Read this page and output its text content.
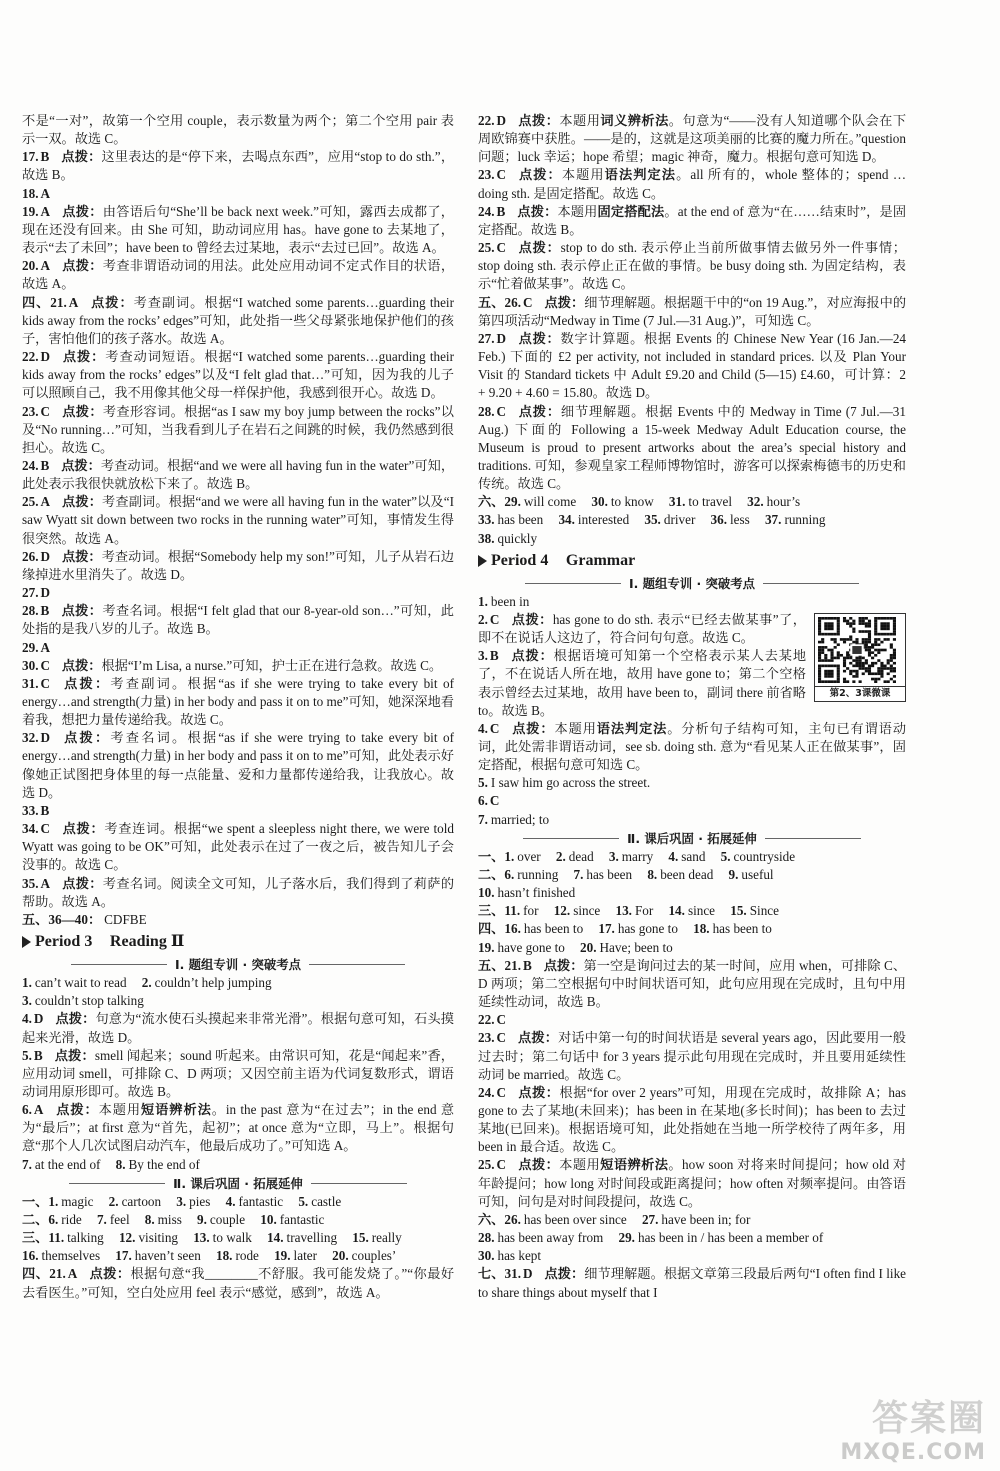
不是“一对”，故第一个空用 couple，表示数量为两个；第二个空用 pair 表示一双。故选 C。
17. B 点拨：这里表达的是“停下来，去喝点东西”，应用“stop to do sth.”，故选 B。
18. A
19. A 点拨：由答语后句“She’ll be back next week.”可知，露西去成都了，现在还没有回来。由 She 可知，助动词应用 has。have gone to 去某地了，表示“去了未回”；have been to 曾经去过某地，表示“去过已回”。故选 A。
20. A 点拨：考查非谓语动词的用法。此处应用动词不定式作目的状语，故选 A。
四、21. A 点拨：考查副词。根据“I watched some parents…guarding their kids away from the rocks’ edges”可知，此处指一些父母紧张地保护他们的孩子，害怕他们的孩子落水。故选 A。
22. D 点拨：考查动词短语。根据“I watched some parents…guarding their kids away from the rocks’ edges”以及“I felt glad that…”可知，因为我的儿子可以照顾自己，我不用像其他父母一样保护他，我感到很开心。故选 D。
23. C 点拨：考查形容词。根据“as I saw my boy jump between the rocks”以及“No running…”可知，当我看到儿子在岩石之间跳的时候，我仍然感到很担心。故选 C。
24. B 点拨：考查动词。根据“and we were all having fun in the water”可知，此处表示我很快就放松下来了。故选 B。
25. A 点拨：考查副词。根据“and we were all having fun in the water”以及“I saw Wyatt sit down between two rocks in the running water”可知，事情发生得很突然。故选 A。
26. D 点拨：考查动词。根据“Somebody help my son!”可知，儿子从岩石边缘掉进水里消失了。故选 D。
27. D
28. B 点拨：考查名词。根据“I felt glad that our 8-year-old son…”可知，此处指的是我八岁的儿子。故选 B。
29. A
30. C 点拨：根据“I’m Lisa, a nurse.”可知，护士正在进行急救。故选 C。
31. C 点拨：考查副词。根据“as if she were trying to take every bit of energy…and strength(力量) in her body and pass it on to me”可知，她深深地看着我，想把力量传递给我。故选 C。
32. D 点拨：考查名词。根据“as if she were trying to take every bit of energy…and strength(力量) in her body and pass it on to me”可知，此处表示好像她正试图把身体里的每一点能量、爱和力量都传递给我，让我放心。故选 D。
33. B
34. C 点拨：考查连词。根据“we spent a sleepless night there, we were told Wyatt was going to be OK”可知，此处表示在过了一夜之后，被告知儿子会没事的。故选 C。
35. A 点拨：考查名词。阅读全文可知，儿子落水后，我们得到了莉萨的帮助。故选 A。
五、36—40： CDFBE
Period 3 Reading Ⅱ
Ⅰ. 题组专训 · 突破考点
1. can’t wait to read 2. couldn’t help jumping
3. couldn’t stop talking
4. D 点拨：句意为“流水使石头摸起来非常光滑”。根据句意可知，石头摸起来光滑，故选 D。
5. B 点拨：smell 闻起来；sound 听起来。由常识可知，花是“闻起来”香，应用动词 smell，可排除 C、D 两项；又因空前主语为代词复数形式，谓语动词用原形即可。故选 B。
6. A 点拨：本题用短语辨析法。in the past 意为“在过去”；in the end 意为“最后”；at first 意为“首先，起初”；at once 意为“立即，马上”。根据句意“那个人几次试图启动汽车，他最后成功了。”可知选 A。
7. at the end of 8. By the end of
Ⅱ. 课后巩固 · 拓展延伸
一、1. magic 2. cartoon 3. pies 4. fantastic 5. castle
二、6. ride 7. feel 8. miss 9. couple 10. fantastic
三、11. talking 12. visiting 13. to walk 14. travelling 15. really
16. themselves 17. haven’t seen 18. rode 19. later 20. couples’
四、21. A 点拨：根据句意“我________不舒服。我可能发烧了。”“你最好去看医生。”可知，空白处应用 feel 表示“感觉，感到”，故选 A。
22. D 点拨：本题用词义辨析法。句意为“——没有人知道哪个队会在下周欧锦赛中获胜。——是的，这就是这项美丽的比赛的魔力所在。”question 问题；luck 幸运；hope 希望；magic 神奇，魔力。根据句意可知选 D。
23. C 点拨：本题用语法判定法。all 所有的，whole 整体的；spend … doing sth. 是固定搭配。故选 C。
24. B 点拨：本题用固定搭配法。at the end of 意为“在……结束时”，是固定搭配。故选 B。
25. C 点拨：stop to do sth. 表示停止当前所做事情去做另外一件事情；stop doing sth. 表示停止正在做的事情。be busy doing sth. 为固定结构，表示“忙着做某事”。故选 C。
五、26. C 点拨：细节理解题。根据题干中的“on 19 Aug.”，对应海报中的第四项活动“Medway in Time (7 Jul.—31 Aug.)”，可知选 C。
27. D 点拨：数字计算题。根据 Events 的 Chinese New Year (16 Jan.—24 Feb.) 下面的 £2 per activity, not included in standard prices. 以及 Plan Your Visit 的 Standard tickets 中 Adult £9.20 and Child (5—15) £4.60，可计算：2 + 9.20 + 4.60 = 15.80。故选 D。
28. C 点拨：细节理解题。根据 Events 中的 Medway in Time (7 Jul.—31 Aug.) 下面的 Following a 15-week Medway Adult Education course, the Museum is proud to present artworks about the area’s special history and traditions. 可知，参观皇家工程师博物馆时，游客可以探索梅德韦的历史和传统。故选 C。
六、29. will come 30. to know 31. to travel 32. hour’s
33. has been 34. interested 35. driver 36. less 37. running
38. quickly
Period 4 Grammar
Ⅰ. 题组专训 · 突破考点
1. been in
第2、3课微课
2. C 点拨：has gone to do sth. 表示“已经去做某事”了，即不在说话人这边了，符合问句句意。故选 C。
3. B 点拨：根据语境可知第一个空格表示某人去某地了，不在说话人所在地，故用 have gone to；第二个空格表示曾经去过某地，故用 have been to，副词 there 前省略 to。故选 B。
4. C 点拨：本题用语法判定法。分析句子结构可知，主句已有谓语动词，此处需非谓语动词，see sb. doing sth. 意为“看见某人正在做某事”，固定搭配，根据句意可知选 C。
5. I saw him go across the street.
6. C
7. married; to
Ⅱ. 课后巩固 · 拓展延伸
一、1. over 2. dead 3. marry 4. sand 5. countryside
二、6. running 7. has been 8. been dead 9. useful
10. hasn’t finished
三、11. for 12. since 13. For 14. since 15. Since
四、16. has been to 17. has gone to 18. has been to
19. have gone to 20. Have; been to
五、21. B 点拨：第一空是询问过去的某一时间，应用 when，可排除 C、D 两项；第二空根据句中时间状语可知，此句应用现在完成时，且句中用延续性动词，故选 B。
22. C
23. C 点拨：对话中第一句的时间状语是 several years ago，因此要用一般过去时；第二句话中 for 3 years 提示此句用现在完成时，并且要用延续性动词 be married。故选 C。
24. C 点拨：根据“for over 2 years”可知，用现在完成时，故排除 A；has gone to 去了某地(未回来)；has been in 在某地(多长时间)；has been to 去过某地(已回来)。根据语境可知，此处指她在当地一所学校待了两年多，用 been in 最合适。故选 C。
25. C 点拨：本题用短语辨析法。how soon 对将来时间提问；how old 对年龄提问；how long 对时间段或距离提问；how often 对频率提问。由答语可知，问句是对时间段提问，故选 C。
六、26. has been over since 27. have been in; for
28. has been away from 29. has been in / has been a member of
30. has kept
七、31. D 点拨：细节理解题。根据文章第三段最后两句“I often find I like to share things about myself that I
答案圈
MXQE.COM
